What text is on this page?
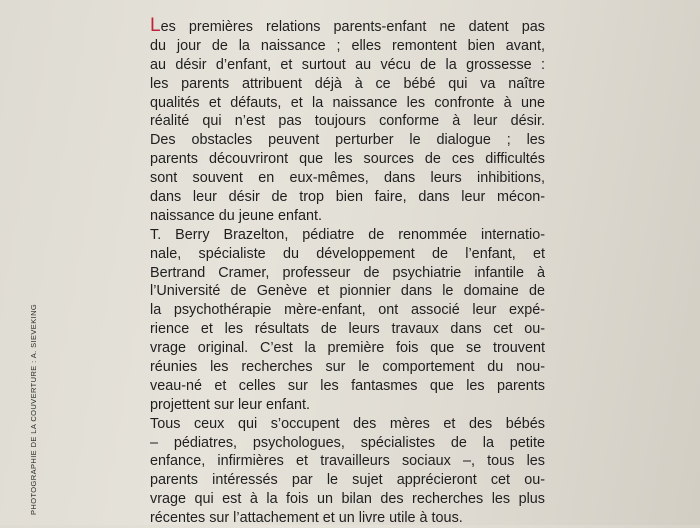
PHOTOGRAPHIE DE LA COUVERTURE : A. SIEVEKING
Les premières relations parents-enfant ne datent pas
du jour de la naissance ; elles remontent bien avant,
au désir d’enfant, et surtout au vécu de la grossesse :
les parents attribuent déjà à ce bébé qui va naître
qualités et défauts, et la naissance les confronte à une
réalité qui n’est pas toujours conforme à leur désir.
Des obstacles peuvent perturber le dialogue ; les
parents découvriront que les sources de ces difficultés
sont souvent en eux-mêmes, dans leurs inhibitions,
dans leur désir de trop bien faire, dans leur mécon-
naissance du jeune enfant.
T. Berry Brazelton, pédiatre de renommée internatio-
nale, spécialiste du développement de l’enfant, et
Bertrand Cramer, professeur de psychiatrie infantile à
l’Université de Genève et pionnier dans le domaine de
la psychothérapie mère-enfant, ont associé leur expé-
rience et les résultats de leurs travaux dans cet ou-
vrage original. C’est la première fois que se trouvent
réunies les recherches sur le comportement du nou-
veau-né et celles sur les fantasmes que les parents
projettent sur leur enfant.
Tous ceux qui s’occupent des mères et des bébés
– pédiatres, psychologues, spécialistes de la petite
enfance, infirmières et travailleurs sociaux –, tous les
parents intéressés par le sujet apprécieront cet ou-
vrage qui est à la fois un bilan des recherches les plus
récentes sur l’attachement et un livre utile à tous.
